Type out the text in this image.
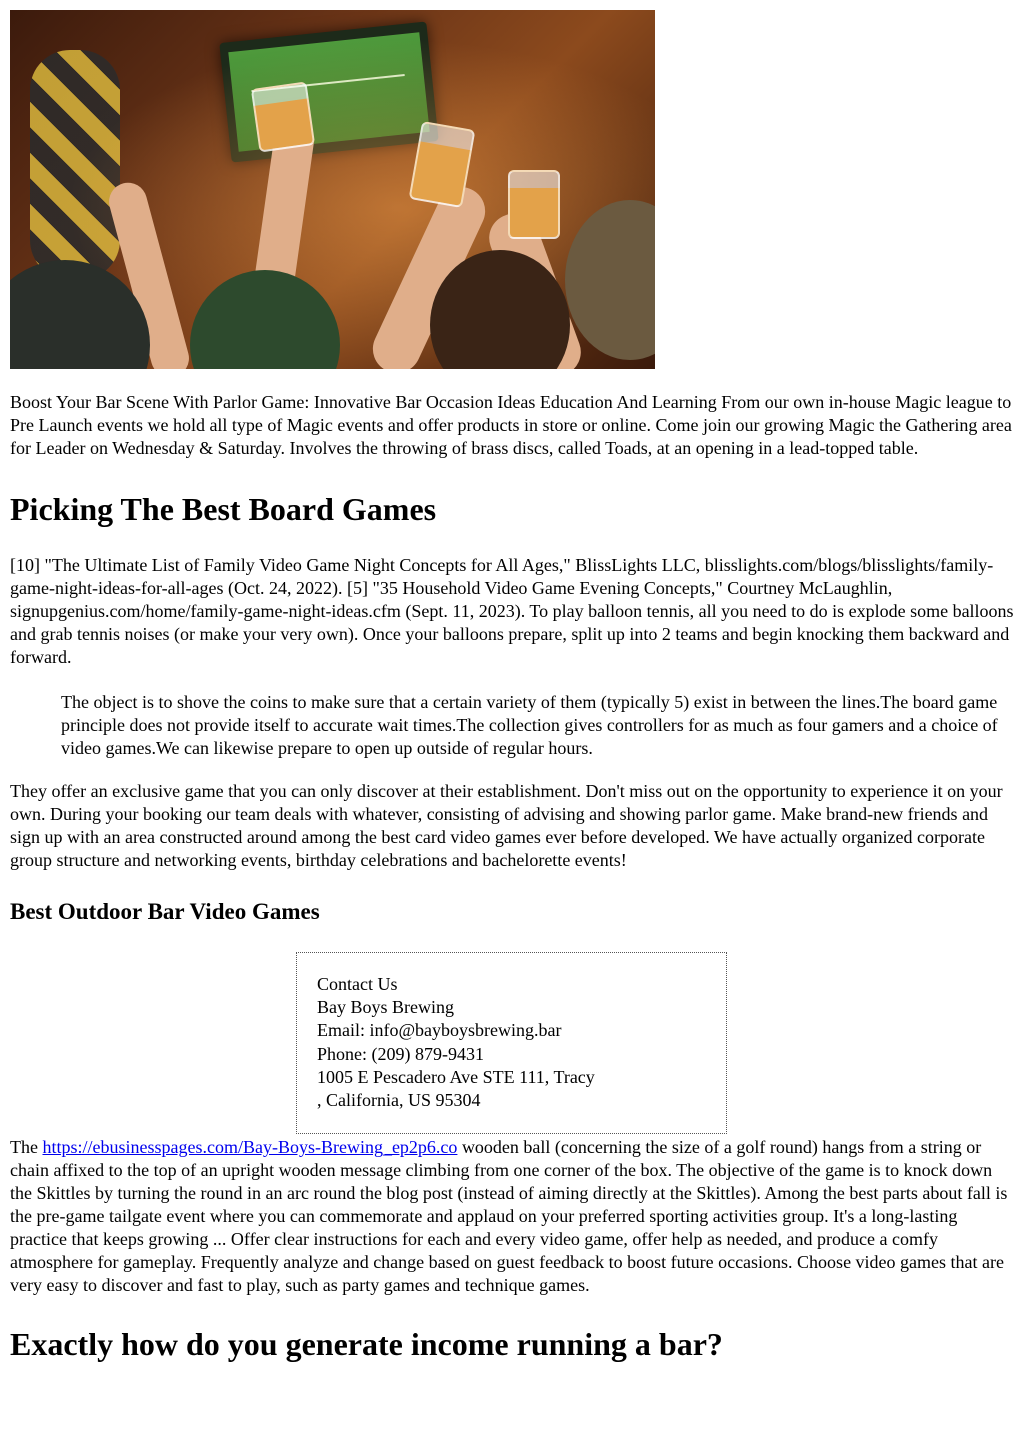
Boost Your Bar Scene With Parlor Game: Innovative Bar Occasion Ideas Education And Learning From our own in-house Magic league to Pre Launch events we hold all type of Magic events and offer products in store or online. Come join our growing Magic the Gathering area for Leader on Wednesday & Saturday. Involves the throwing of brass discs, called Toads, at an opening in a lead-topped table.

Picking The Best Board Games

[10] "The Ultimate List of Family Video Game Night Concepts for All Ages," BlissLights LLC, blisslights.com/blogs/blisslights/family-game-night-ideas-for-all-ages (Oct. 24, 2022). [5] "35 Household Video Game Evening Concepts," Courtney McLaughlin, signupgenius.com/home/family-game-night-ideas.cfm (Sept. 11, 2023). To play balloon tennis, all you need to do is explode some balloons and grab tennis noises (or make your very own). Once your balloons prepare, split up into 2 teams and begin knocking them backward and forward.

The object is to shove the coins to make sure that a certain variety of them (typically 5) exist in between the lines.The board game principle does not provide itself to accurate wait times.The collection gives controllers for as much as four gamers and a choice of video games.We can likewise prepare to open up outside of regular hours.

They offer an exclusive game that you can only discover at their establishment. Don't miss out on the opportunity to experience it on your own. During your booking our team deals with whatever, consisting of advising and showing parlor game. Make brand-new friends and sign up with an area constructed around among the best card video games ever before developed. We have actually organized corporate group structure and networking events, birthday celebrations and bachelorette events!

Best Outdoor Bar Video Games
Contact Us
Bay Boys Brewing
Email: info@bayboysbrewing.bar
Phone: (209) 879-9431
1005 E Pescadero Ave STE 111, Tracy
, California, US 95304

The https://ebusinesspages.com/Bay-Boys-Brewing_ep2p6.co wooden ball (concerning the size of a golf round) hangs from a string or chain affixed to the top of an upright wooden message climbing from one corner of the box. The objective of the game is to knock down the Skittles by turning the round in an arc round the blog post (instead of aiming directly at the Skittles). Among the best parts about fall is the pre-game tailgate event where you can commemorate and applaud on your preferred sporting activities group. It's a long-lasting practice that keeps growing ... Offer clear instructions for each and every video game, offer help as needed, and produce a comfy atmosphere for gameplay. Frequently analyze and change based on guest feedback to boost future occasions. Choose video games that are very easy to discover and fast to play, such as party games and technique games.

Exactly how do you generate income running a bar?
